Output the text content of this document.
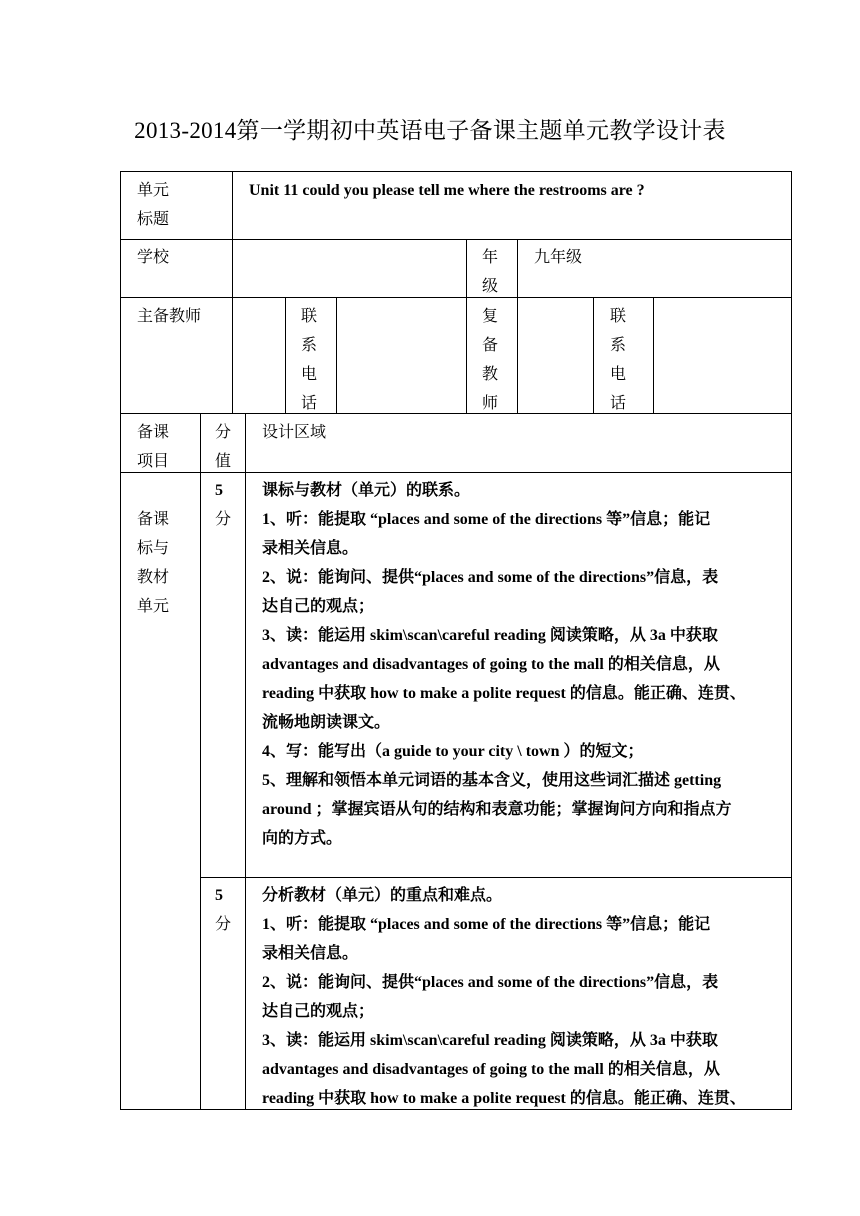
2013-2014第一学期初中英语电子备课主题单元教学设计表
单元
标题
Unit 11 could you please tell me where the restrooms are ?
学校	年
级
九年级
主备教师	联
系
电
话
复
备
教
师
联
系
电
话
备课
项目
分
值
设计区域
备课
标与
教材
单元
5
分
课标与教材（单元）的联系。
1、听：能提取 “places and some of the directions 等”信息；能记
录相关信息。
2、说：能询问、提供“places and some of the directions”信息，表
达自己的观点；
3、读：能运用 skim\scan\careful reading 阅读策略，从 3a 中获取
advantages and disadvantages of going to the mall 的相关信息，从
reading 中获取 how to make a polite request 的信息。能正确、连贯、
流畅地朗读课文。
4、写：能写出（a guide to your city \ town ）的短文；
5、理解和领悟本单元词语的基本含义，使用这些词汇描述 getting
around ；掌握宾语从句的结构和表意功能；掌握询问方向和指点方
向的方式。
5
分
分析教材（单元）的重点和难点。
1、听：能提取 “places and some of the directions 等”信息；能记
录相关信息。
2、说：能询问、提供“places and some of the directions”信息，表
达自己的观点；
3、读：能运用 skim\scan\careful reading 阅读策略，从 3a 中获取
advantages and disadvantages of going to the mall 的相关信息，从
reading 中获取 how to make a polite request 的信息。能正确、连贯、
